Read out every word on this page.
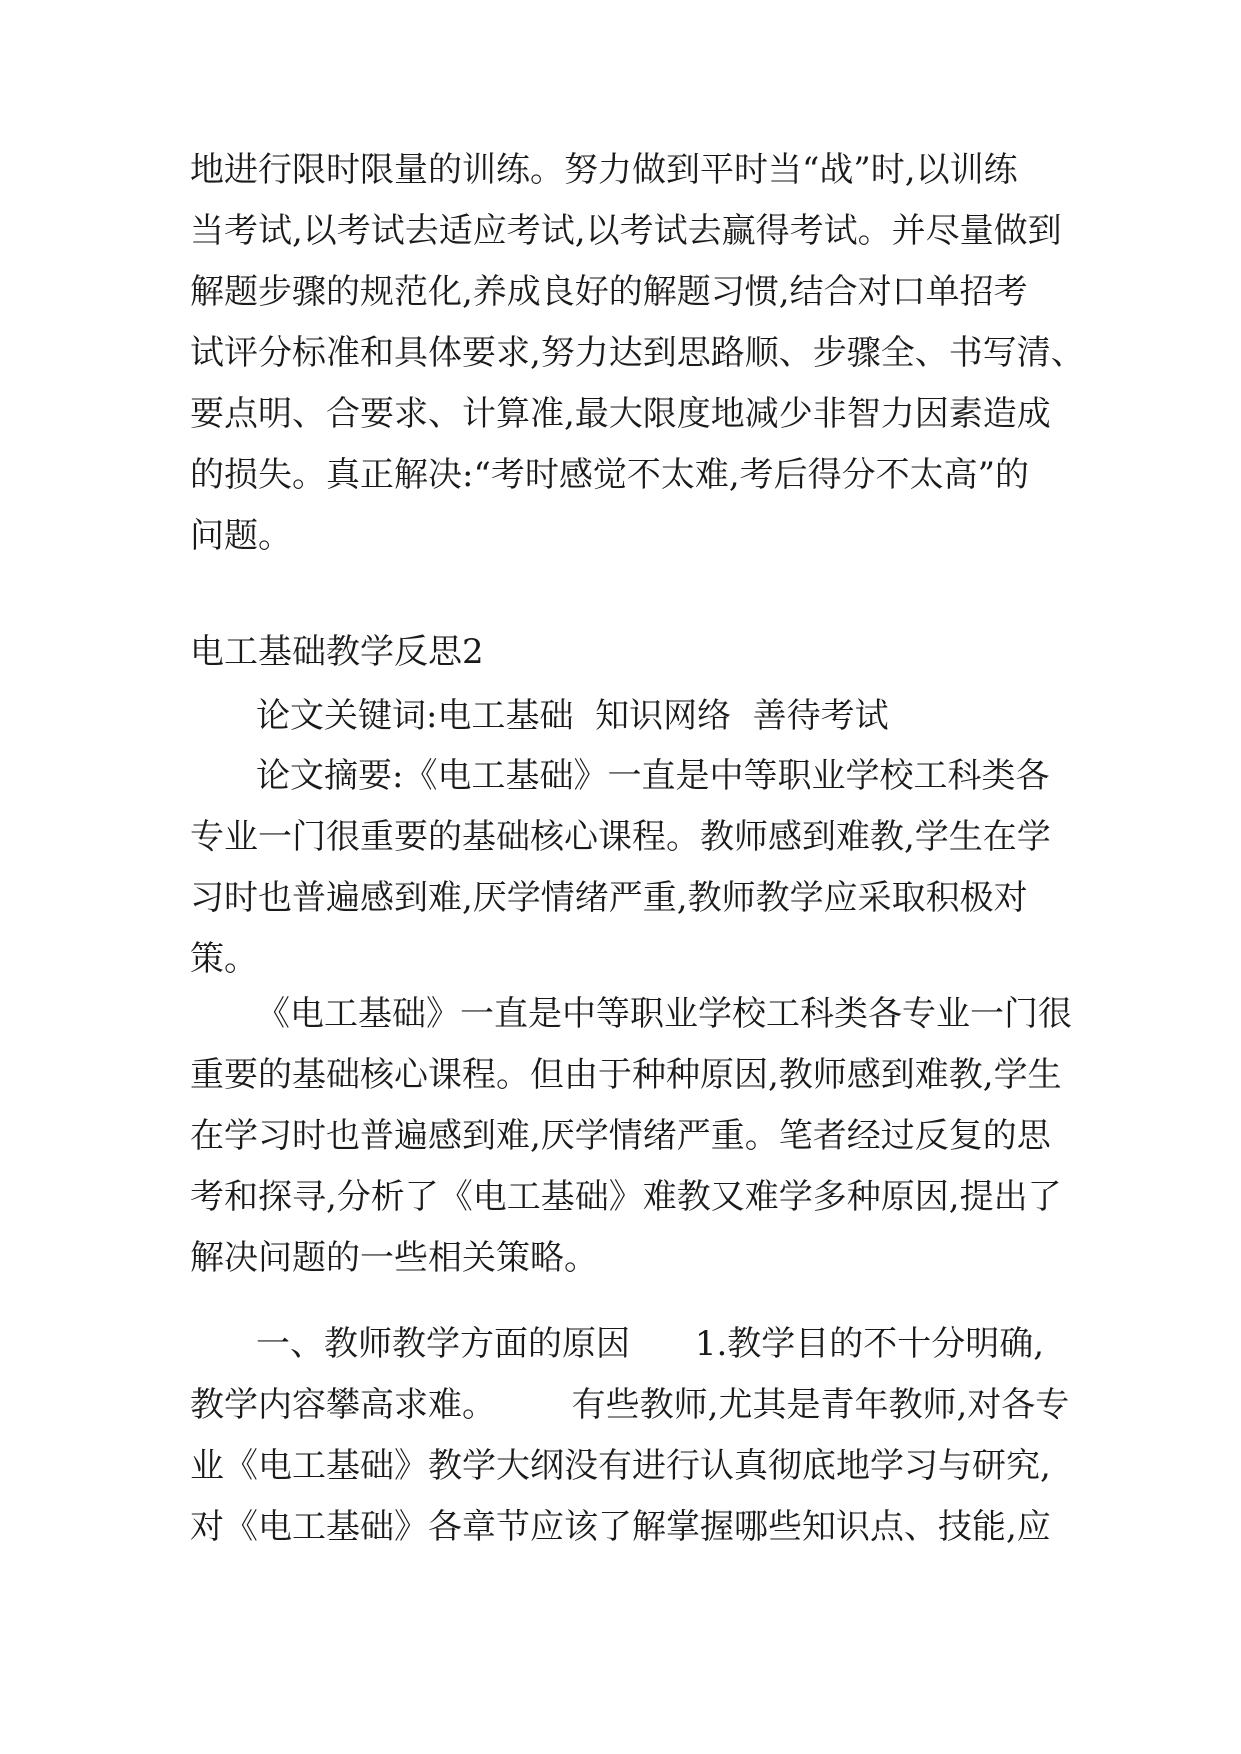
地进行限时限量的训练。努力做到平时当“战”时,以训练
当考试,以考试去适应考试,以考试去赢得考试。并尽量做到
解题步骤的规范化,养成良好的解题习惯,结合对口单招考
试评分标准和具体要求,努力达到思路顺、步骤全、书写清、
要点明、合要求、计算准,最大限度地减少非智力因素造成
的损失。真正解决:“考时感觉不太难,考后得分不太高”的
问题。
电工基础教学反思2
论文关键词:电工基础  知识网络  善待考试
论文摘要:《电工基础》一直是中等职业学校工科类各
专业一门很重要的基础核心课程。教师感到难教,学生在学
习时也普遍感到难,厌学情绪严重,教师教学应采取积极对
策。
《电工基础》一直是中等职业学校工科类各专业一门很
重要的基础核心课程。但由于种种原因,教师感到难教,学生
在学习时也普遍感到难,厌学情绪严重。笔者经过反复的思
考和探寻,分析了《电工基础》难教又难学多种原因,提出了
解决问题的一些相关策略。
一、教师教学方面的原因      1.教学目的不十分明确,
教学内容攀高求难。       有些教师,尤其是青年教师,对各专
业《电工基础》教学大纲没有进行认真彻底地学习与研究,
对《电工基础》各章节应该了解掌握哪些知识点、技能,应
